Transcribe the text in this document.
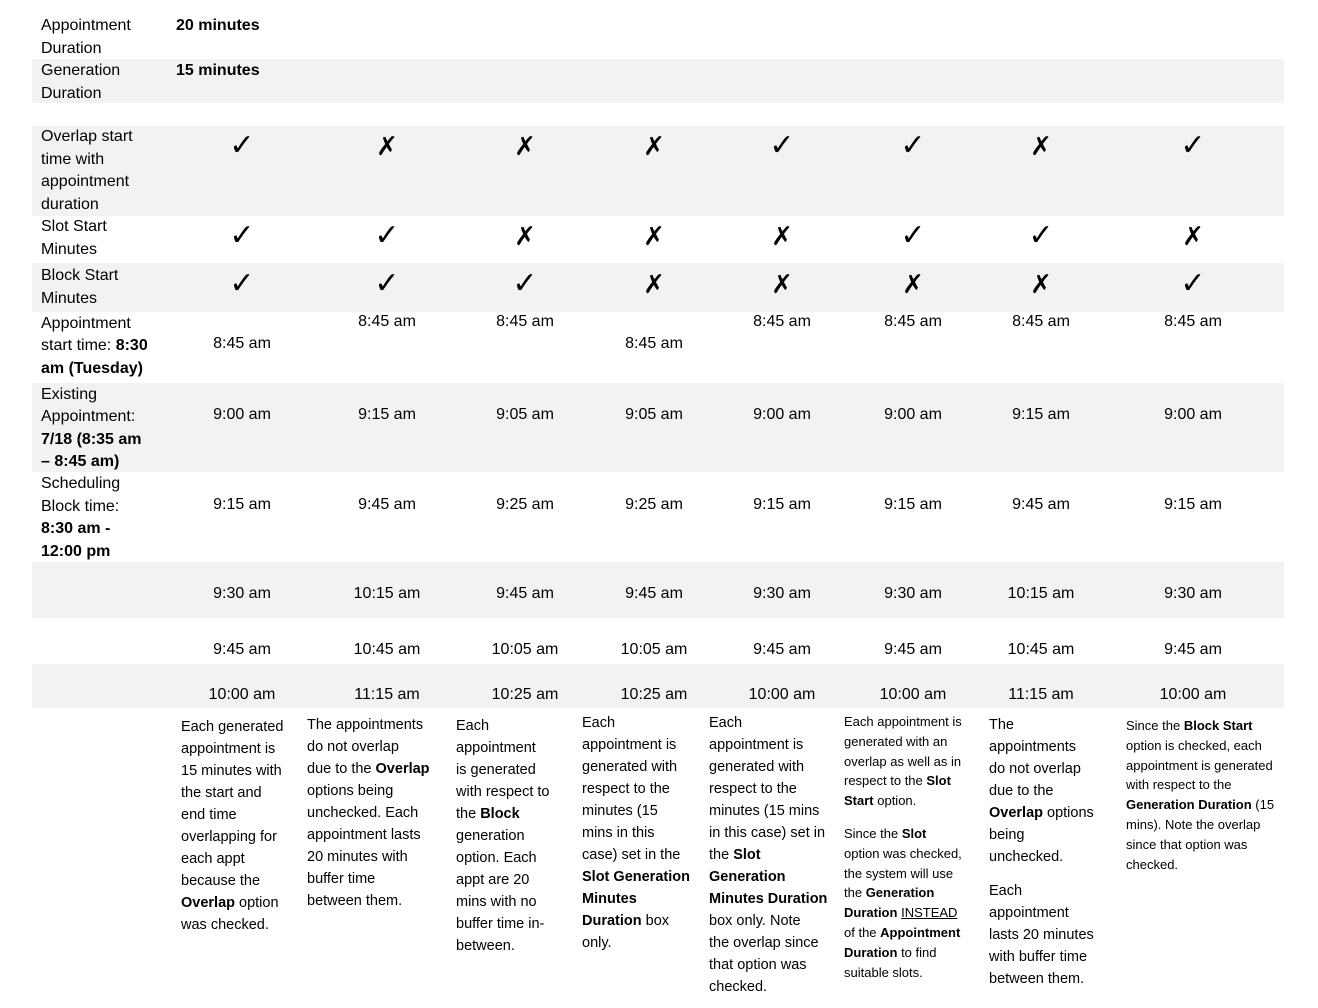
Appointment Duration
20 minutes
Generation Duration
15 minutes
Overlap start time with appointment duration
Slot Start Minutes
Block Start Minutes
Appointment
start time: 8:30
am (Tuesday)
Existing
Appointment:
7/18 (8:35 am
– 8:45 am)
Scheduling
Block time:
8:30 am -
12:00 pm
✓
✓
✓
8:45 am
9:00 am
9:15 am
9:30 am
9:45 am
10:00 am
✗
✓
✓
8:45 am
9:15 am
9:45 am
10:15 am
10:45 am
11:15 am
✗
✗
✓
8:45 am
9:05 am
9:25 am
9:45 am
10:05 am
10:25 am
✗
✗
✗
8:45 am
9:05 am
9:25 am
9:45 am
10:05 am
10:25 am
✓
✗
✗
8:45 am
9:00 am
9:15 am
9:30 am
9:45 am
10:00 am
✓
✓
✗
8:45 am
9:00 am
9:15 am
9:30 am
9:45 am
10:00 am
✗
✓
✗
8:45 am
9:15 am
9:45 am
10:15 am
10:45 am
11:15 am
✓
✗
✓
8:45 am
9:00 am
9:15 am
9:30 am
9:45 am
10:00 am
Each generated
appointment is
15 minutes with
the start and
end time
overlapping for
each appt
because the
Overlap option
was checked.
The appointments
do not overlap
due to the Overlap
options being
unchecked. Each
appointment lasts
20 minutes with
buffer time
between them.
Each
appointment
is generated
with respect to
the Block
generation
option. Each
appt are 20
mins with no
buffer time in-
between.
Each
appointment is
generated with
respect to the
minutes (15
mins in this
case) set in the
Slot Generation
Minutes
Duration box
only.
Each
appointment is
generated with
respect to the
minutes (15 mins
in this case) set in
the Slot
Generation
Minutes Duration
box only. Note
the overlap since
that option was
checked.
Each appointment is
generated with an
overlap as well as in
respect to the Slot
Start option.
Since the Slot
option was checked,
the system will use
the Generation
Duration INSTEAD
of the Appointment
Duration to find
suitable slots.
The
appointments
do not overlap
due to the
Overlap options
being
unchecked.
Each
appointment
lasts 20 minutes
with buffer time
between them.
Since the Block Start
option is checked, each
appointment is generated
with respect to the
Generation Duration (15
mins). Note the overlap
since that option was
checked.
